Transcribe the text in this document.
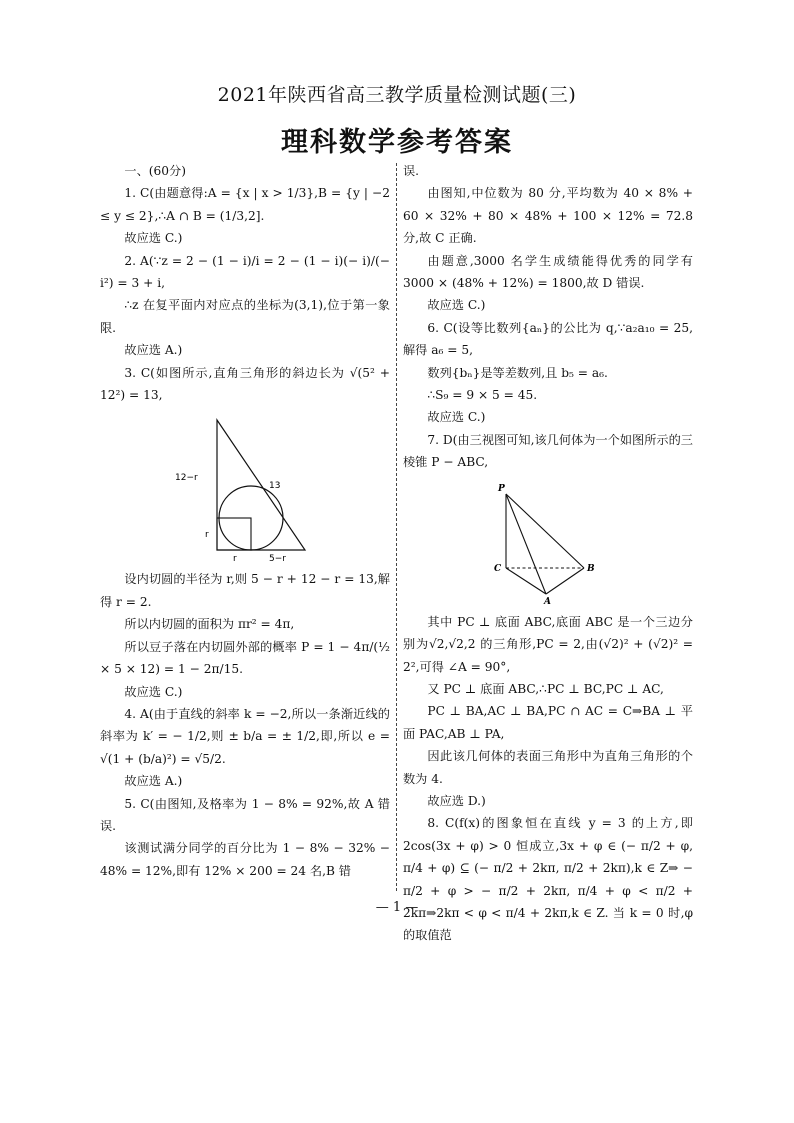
2021年陕西省高三教学质量检测试题(三)
理科数学参考答案

一、(60分)

1. C(由题意得:A = {x | x > 1/3},B = {y | −2 ≤ y ≤ 2},∴A ∩ B = (1/3,2].

故应选 C.)

2. A(∵z = 2 − (1 − i)/i = 2 − (1 − i)(− i)/(− i²) = 3 + i,

∴z 在复平面内对应点的坐标为(3,1),位于第一象限.

故应选 A.)

3. C(如图所示,直角三角形的斜边长为 √(5² + 12²) = 13,

12−r
13
r
r	5−r

设内切圆的半径为 r,则 5 − r + 12 − r = 13,解得 r = 2.

所以内切圆的面积为 πr² = 4π,

所以豆子落在内切圆外部的概率 P = 1 − 4π/(½ × 5 × 12) = 1 − 2π/15.

故应选 C.)

4. A(由于直线的斜率 k = −2,所以一条渐近线的斜率为 k′ = − 1/2,则 ± b/a = ± 1/2,即,所以 e = √(1 + (b/a)²) = √5/2.

故应选 A.)

5. C(由图知,及格率为 1 − 8% = 92%,故 A 错误.

该测试满分同学的百分比为 1 − 8% − 32% − 48% = 12%,即有 12% × 200 = 24 名,B 错

误.

由图知,中位数为 80 分,平均数为 40 × 8% + 60 × 32% + 80 × 48% + 100 × 12% = 72.8 分,故 C 正确.

由题意,3000 名学生成绩能得优秀的同学有 3000 × (48% + 12%) = 1800,故 D 错误.

故应选 C.)

6. C(设等比数列{aₙ}的公比为 q,∵a₂a₁₀ = 25,解得 a₆ = 5,

数列{bₙ}是等差数列,且 b₅ = a₆.

∴S₉ = 9 × 5 = 45.

故应选 C.)

7. D(由三视图可知,该几何体为一个如图所示的三棱锥 P − ABC,

P
C	B
A

其中 PC ⊥ 底面 ABC,底面 ABC 是一个三边分别为√2,√2,2 的三角形,PC = 2,由(√2)² + (√2)² = 2²,可得 ∠A = 90°,

又 PC ⊥ 底面 ABC,∴PC ⊥ BC,PC ⊥ AC,

PC ⊥ BA,AC ⊥ BA,PC ∩ AC = C⇒BA ⊥ 平面 PAC,AB ⊥ PA,

因此该几何体的表面三角形中为直角三角形的个数为 4.

故应选 D.)

8. C(f(x)的图象恒在直线 y = 3 的上方,即 2cos(3x + φ) > 0 恒成立,3x + φ ∈ (− π/2 + φ, π/4 + φ) ⊆ (− π/2 + 2kπ, π/2 + 2kπ),k ∈ Z⇒ − π/2 + φ > − π/2 + 2kπ, π/4 + φ < π/2 + 2kπ⇒2kπ < φ < π/4 + 2kπ,k ∈ Z. 当 k = 0 时,φ 的取值范

— 1 —
